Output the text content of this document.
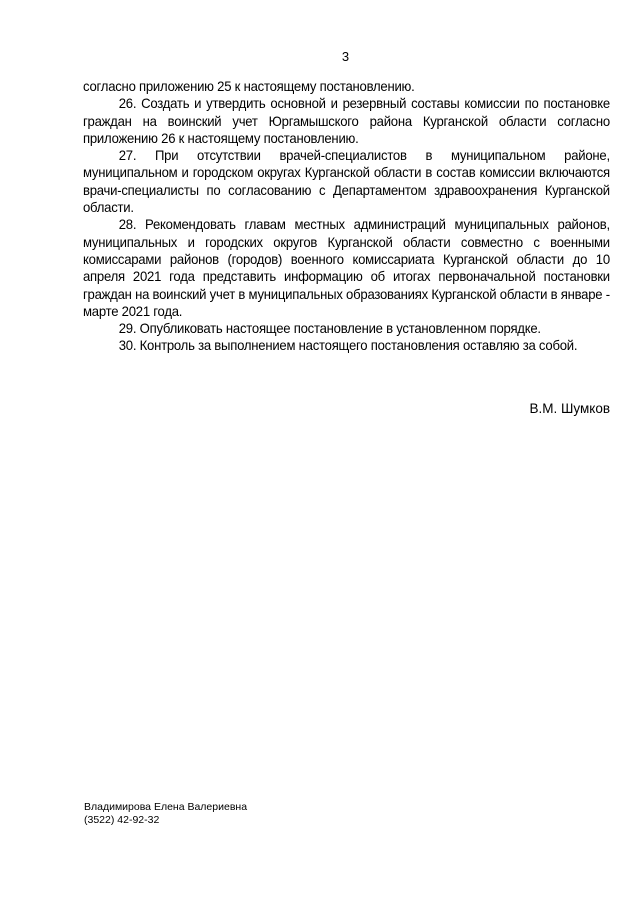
3

согласно приложению 25 к настоящему постановлению.

26. Создать и утвердить основной и резервный составы комиссии по постановке граждан на воинский учет Юргамышского района Курганской области согласно приложению 26 к настоящему постановлению.

27. При отсутствии врачей-специалистов в муниципальном районе, муниципальном и городском округах Курганской области в состав комиссии включаются врачи-специалисты по согласованию с Департаментом здравоохранения Курганской области.

28. Рекомендовать главам местных администраций муниципальных районов, муниципальных и городских округов Курганской области совместно с военными комиссарами районов (городов) военного комиссариата Курганской области до 10 апреля 2021 года представить информацию об итогах первоначальной постановки граждан на воинский учет в муниципальных образованиях Курганской области в январе - марте 2021 года.

29. Опубликовать настоящее постановление в установленном порядке.

30. Контроль за выполнением настоящего постановления оставляю за собой.

В.М. Шумков
Владимирова Елена Валериевна
(3522) 42-92-32
